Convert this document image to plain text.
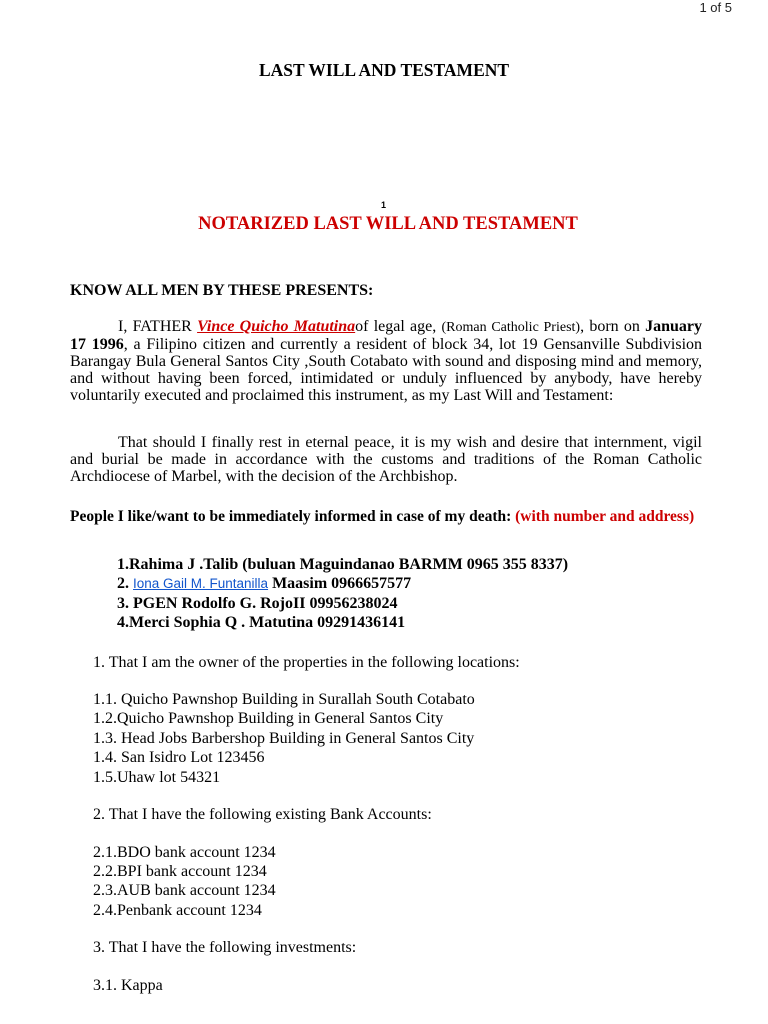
1 of 5
LAST WILL AND TESTAMENT
1
NOTARIZED LAST WILL AND TESTAMENT
KNOW ALL MEN BY THESE PRESENTS:
I, FATHER Vince Quicho Matutinaof legal age, (Roman Catholic Priest), born on January 17 1996, a Filipino citizen and currently a resident of block 34, lot 19 Gensanville Subdivision Barangay Bula General Santos City ,South Cotabato with sound and disposing mind and memory, and without having been forced, intimidated or unduly influenced by anybody, have hereby voluntarily executed and proclaimed this instrument, as my Last Will and Testament:
That should I finally rest in eternal peace, it is my wish and desire that internment, vigil and burial be made in accordance with the customs and traditions of the Roman Catholic Archdiocese of Marbel, with the decision of the Archbishop.
People I like/want to be immediately informed in case of my death: (with number and address)
1.Rahima J .Talib (buluan Maguindanao BARMM 0965 355 8337)
2. Iona Gail M. Funtanilla Maasim 0966657577
3. PGEN Rodolfo G. RojoII 09956238024
4.Merci Sophia Q . Matutina 09291436141
1. That I am the owner of the properties in the following locations:
1.1. Quicho Pawnshop Building in Surallah South Cotabato
1.2.Quicho Pawnshop Building in General Santos City
1.3. Head Jobs Barbershop Building in General Santos City
1.4. San Isidro Lot 123456
1.5.Uhaw lot 54321
2. That I have the following existing Bank Accounts:
2.1.BDO bank account 1234
2.2.BPI bank account 1234
2.3.AUB bank account 1234
2.4.Penbank account 1234
3. That I have the following investments:
3.1. Kappa
